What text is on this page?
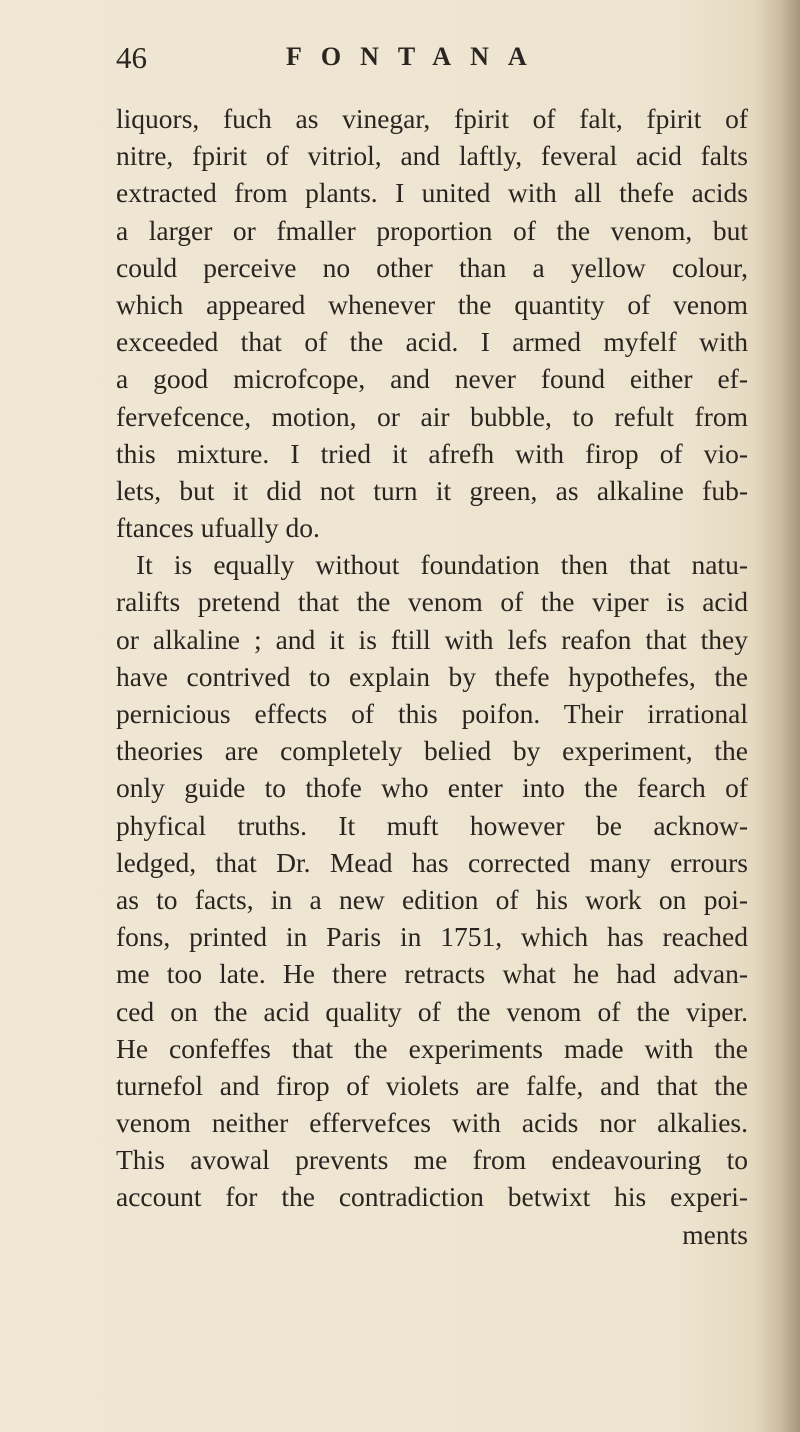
46	FONTANA
liquors, fuch as vinegar, fpirit of falt, fpirit of
nitre, fpirit of vitriol, and laftly, feveral acid falts
extracted from plants. I united with all thefe acids
a larger or fmaller proportion of the venom, but
could perceive no other than a yellow colour,
which appeared whenever the quantity of venom
exceeded that of the acid. I armed myfelf with
a good microfcope, and never found either ef-
fervefcence, motion, or air bubble, to refult from
this mixture. I tried it afrefh with firop of vio-
lets, but it did not turn it green, as alkaline fub-
ftances ufually do.
It is equally without foundation then that natu-
ralifts pretend that the venom of the viper is acid
or alkaline ; and it is ftill with lefs reafon that they
have contrived to explain by thefe hypothefes, the
pernicious effects of this poifon. Their irrational
theories are completely belied by experiment, the
only guide to thofe who enter into the fearch of
phyfical truths. It muft however be acknow-
ledged, that Dr. Mead has corrected many errours
as to facts, in a new edition of his work on poi-
fons, printed in Paris in 1751, which has reached
me too late. He there retracts what he had advan-
ced on the acid quality of the venom of the viper.
He confeffes that the experiments made with the
turnefol and firop of violets are falfe, and that the
venom neither effervefces with acids nor alkalies.
This avowal prevents me from endeavouring to
account for the contradiction betwixt his experi-
ments
